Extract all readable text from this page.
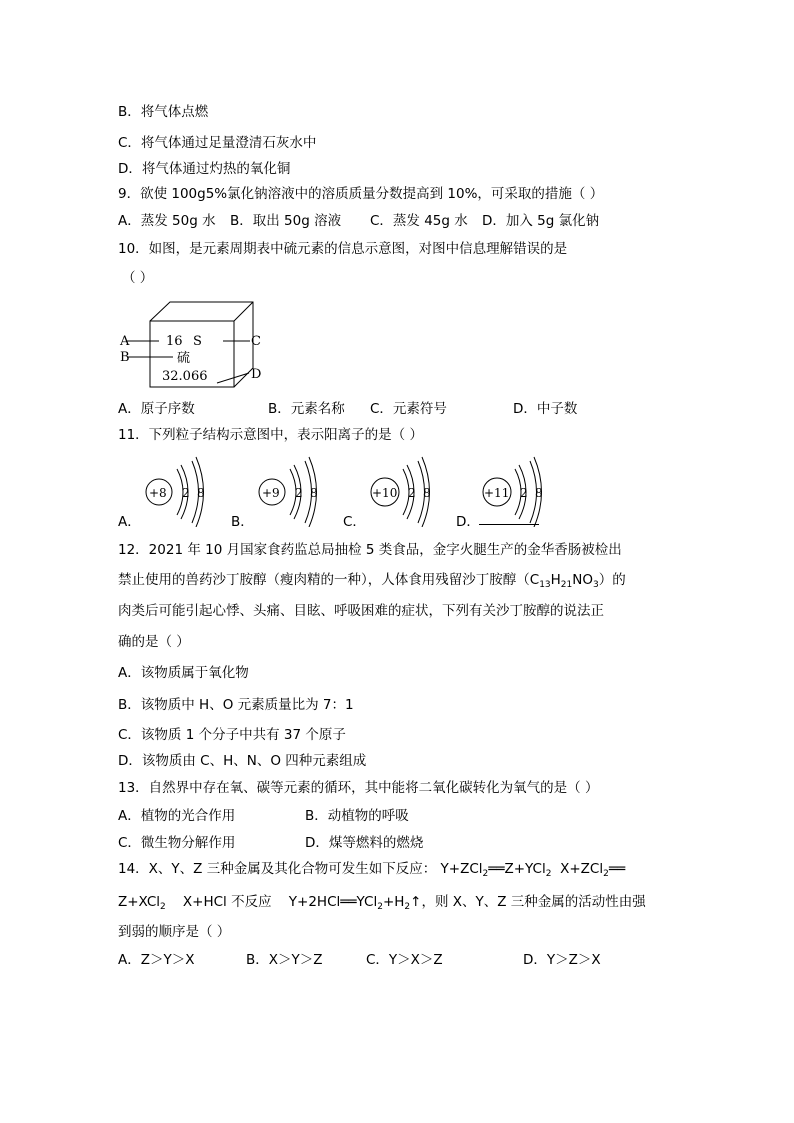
B．将气体点燃
C．将气体通过足量澄清石灰水中
D．将气体通过灼热的氧化铜
9．欲使 100g5%氯化钠溶液中的溶质质量分数提高到 10%，可采取的措施（ ）
A．蒸发 50g 水 B．取出 50g 溶液 C．蒸发 45g 水 D．加入 5g 氯化钠
10．如图，是元素周期表中硫元素的信息示意图，对图中信息理解错误的是
（ ）
A
B
C
D
16 S
硫
32.066
A．原子序数	B．元素名称 C．元素符号	D．中子数
11．下列粒子结构示意图中，表示阳离子的是（ ）
A．	B．	C．	D．
+8 2 8	+9 2 8	+10 2 8	+11 2 8
12．2021 年 10 月国家食药监总局抽检 5 类食品，金字火腿生产的金华香肠被检出
禁止使用的兽药沙丁胺醇（瘦肉精的一种），人体食用残留沙丁胺醇$(C_{13}H_{21}NO_3)$的
肉类后可能引起心悸、头痛、目眩、呼吸困难的症状，下列有关沙丁胺醇的说法正
确的是（ ）
A．该物质属于氧化物
B．该物质中 H、O 元素质量比为 7：1
C．该物质 1 个分子中共有 37 个原子
D．该物质由 C、H、N、O 四种元素组成
13．自然界中存在氧、碳等元素的循环，其中能将二氧化碳转化为氧气的是（ ）
A．植物的光合作用	B．动植物的呼吸
C．微生物分解作用	D．煤等燃料的燃烧
14．X、Y、Z 三种金属及其化合物可发生如下反应： Y+ZCl$_2$══Z+YCl$_2$ X+ZCl$_2$══
Z+XCl$_2$ X+HCl 不反应 $Y+2HCl══YCl_2+H_2↑$，则 X、Y、Z 三种金属的活动性由强
到弱的顺序是（ ）
A．Z＞Y＞X	B．X＞Y＞Z	C．Y＞X＞Z	D．Y＞Z＞X
